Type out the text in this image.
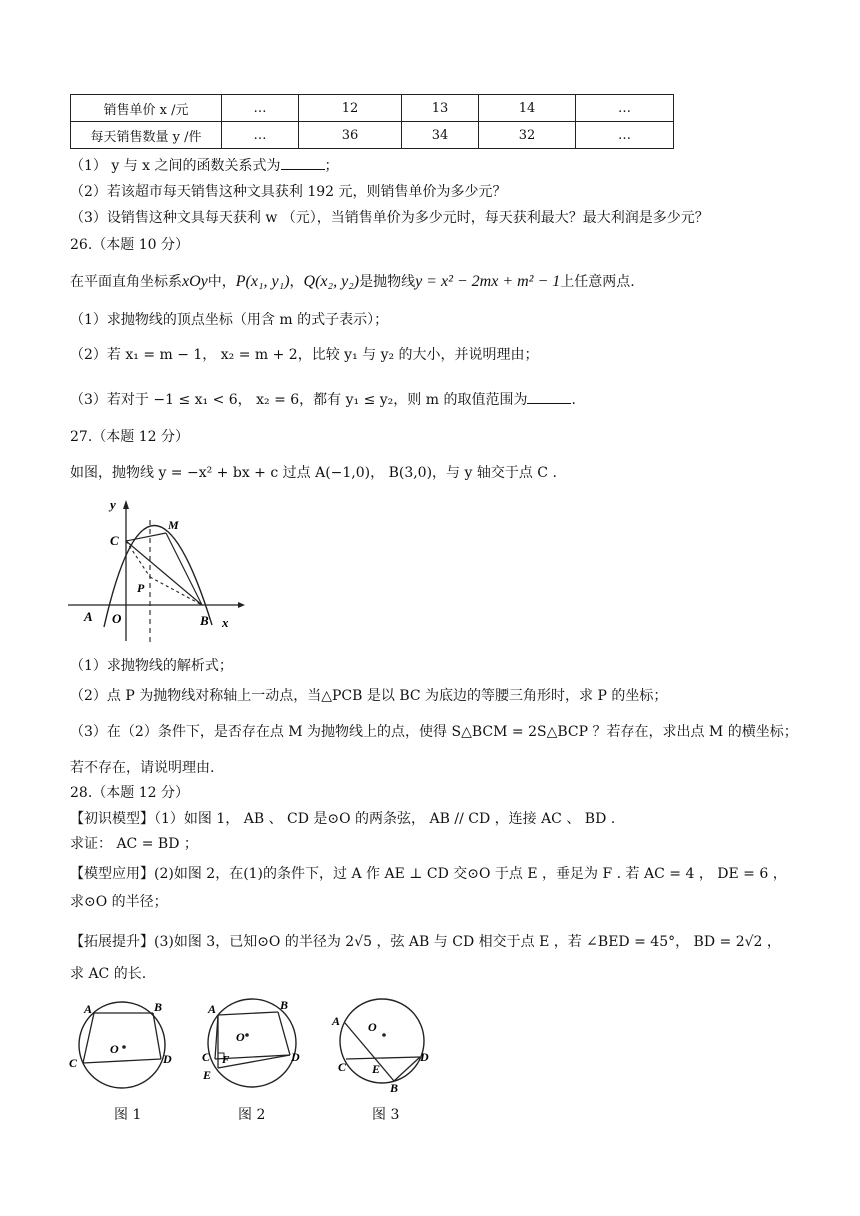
销售单价 x /元	…	12	13	14	…
每天销售数量 y /件	…	36	34	32	…
（1） y 与 x 之间的函数关系式为	；
（2）若该超市每天销售这种文具获利 192 元，则销售单价为多少元？
（3）设销售这种文具每天获利 w （元），当销售单价为多少元时，每天获利最大？最大利润是多少元？
26.（本题 10 分）
在平面直角坐标系xOy中，P(x₁, y₁)，Q(x₂, y₂)是抛物线y = x² − 2mx + m² − 1上任意两点.
（1）求抛物线的顶点坐标（用含 m 的式子表示）；
（2）若 x₁ = m − 1， x₂ = m + 2，比较 y₁ 与 y₂ 的大小，并说明理由；
（3）若对于 −1 ≤ x₁ < 6， x₂ = 6，都有 y₁ ≤ y₂，则 m 的取值范围为	.
27.（本题 12 分）
如图，抛物线 y = −x² + bx + c 过点 A(−1,0)， B(3,0)，与 y 轴交于点 C .
y
x
A O	B
C
P
M
（1）求抛物线的解析式；
（2）点 P 为抛物线对称轴上一动点，当△PCB 是以 BC 为底边的等腰三角形时，求 P 的坐标；
（3）在（2）条件下，是否存在点 M 为抛物线上的点，使得 S△BCM = 2S△BCP ？若存在，求出点 M 的横坐标；
若不存在，请说明理由.
28.（本题 12 分）
【初识模型】（1）如图 1， AB 、 CD 是⊙O 的两条弦， AB // CD ，连接 AC 、 BD .
求证： AC = BD ；
【模型应用】(2)如图 2，在(1)的条件下，过 A 作 AE ⊥ CD 交⊙O 于点 E ，垂足为 F . 若 AC = 4 ， DE = 6 ，
求⊙O 的半径；
【拓展提升】(3)如图 3，已知⊙O 的半径为 2√5 ，弦 AB 与 CD 相交于点 E ，若 ∠BED = 45°， BD = 2√2 ，
求 AC 的长.
A	B
C	D
O
A	B
C F	D
E
O
A
B
C
D
E
O
图 1	图 2	图 3
